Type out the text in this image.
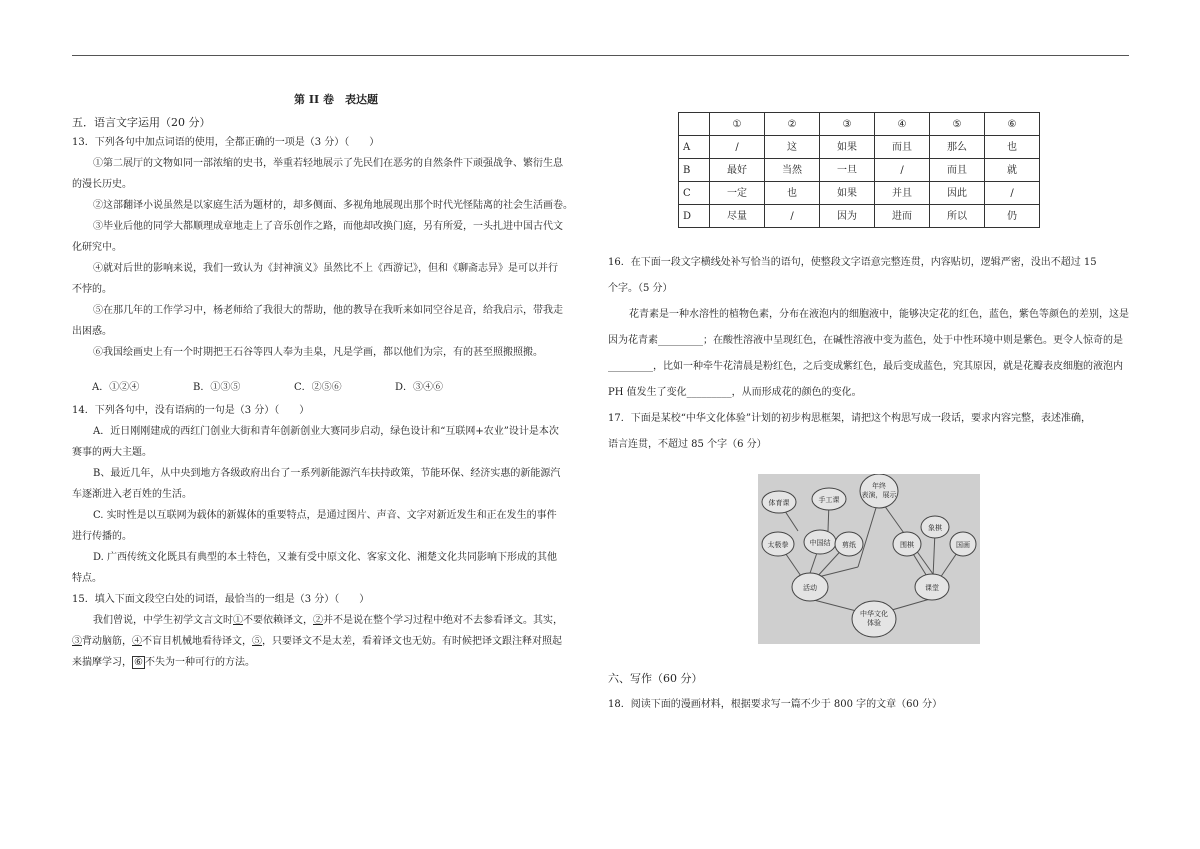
第 II 卷　表达题

五．语言文字运用（20 分）

13．下列各句中加点词语的使用，全都正确的一项是（3 分）（　　）

①第二展厅的文物如同一部浓缩的史书，举重若轻地展示了先民们在恶劣的自然条件下顽强战争、繁衍生息

的漫长历史。

②这部翻译小说虽然是以家庭生活为题材的，却多侧面、多视角地展现出那个时代光怪陆离的社会生活画卷。

③毕业后他的同学大都顺理成章地走上了音乐创作之路，而他却改换门庭，另有所爱，一头扎进中国古代文

化研究中。

④就对后世的影响来说，我们一致认为《封神演义》虽然比不上《西游记》，但和《聊斋志异》是可以并行

不悖的。

⑤在那几年的工作学习中，杨老师给了我很大的帮助，他的教导在我听来如同空谷足音，给我启示，带我走

出困惑。

⑥我国绘画史上有一个时期把王石谷等四人奉为圭臬，凡是学画，都以他们为宗，有的甚至照搬照搬。

A．①②④	B．①③⑤	C．②⑤⑥	D．③④⑥

14．下列各句中，没有语病的一句是（3 分）（　　）

A．近日刚刚建成的西红门创业大街和青年创新创业大赛同步启动，绿色设计和“互联网+农业”设计是本次

赛事的两大主题。

B、最近几年，从中央到地方各级政府出台了一系列新能源汽车扶持政策，节能环保、经济实惠的新能源汽

车逐渐进入老百姓的生活。

C. 实时性是以互联网为载体的新媒体的重要特点，是通过图片、声音、文字对新近发生和正在发生的事件

进行传播的。

D. 广西传统文化既具有典型的本土特色，又兼有受中原文化、客家文化、湘楚文化共同影响下形成的其他

特点。

15．填入下面文段空白处的词语，最恰当的一组是（3 分）（　　）

我们曾说，中学生初学文言文时①不要依赖译文，②并不是说在整个学习过程中绝对不去参看译文。其实，

③背动脑筋，④不盲目机械地看待译文，⑤，只要译文不是太差，看着译文也无妨。有时候把译文跟注释对照起

来揣摩学习， ⑥ 不失为一种可行的方法。

	①	②	③	④	⑤	⑥
A	/	这	如果	而且	那么	也
B	最好	当然	一旦	/	而且	就
C	一定	也	如果	并且	因此	/
D	尽量	/	因为	进而	所以	仍

16．在下面一段文字横线处补写恰当的语句，使整段文字语意完整连贯，内容贴切，逻辑严密，没出不超过 15

个字。（5 分）

花青素是一种水溶性的植物色素，分布在液泡内的细胞液中，能够决定花的红色，蓝色，紫色等颜色的差别，这是因为花青素_________；在酸性溶液中呈现红色，在碱性溶液中变为蓝色，处于中性环境中则是紫色。更令人惊奇的是_________，比如一种牵牛花清晨是粉红色，之后变成紫红色，最后变成蓝色，究其原因，就是花瓣表皮细胞的液泡内 PH 值发生了变化_________，从而形成花的颜色的变化。

17．下面是某校“中华文化体验”计划的初步构思框架，请把这个构思写成一段话，要求内容完整，表述准确，

语言连贯，不超过 85 个字（6 分）

体育课	手工课
年终
表演，展示
太极拳	中国结 剪纸	围棋
象棋
国画
活动	课堂
中华文化
体验

六、写作（60 分）

18．阅读下面的漫画材料，根据要求写一篇不少于 800 字的文章（60 分）
